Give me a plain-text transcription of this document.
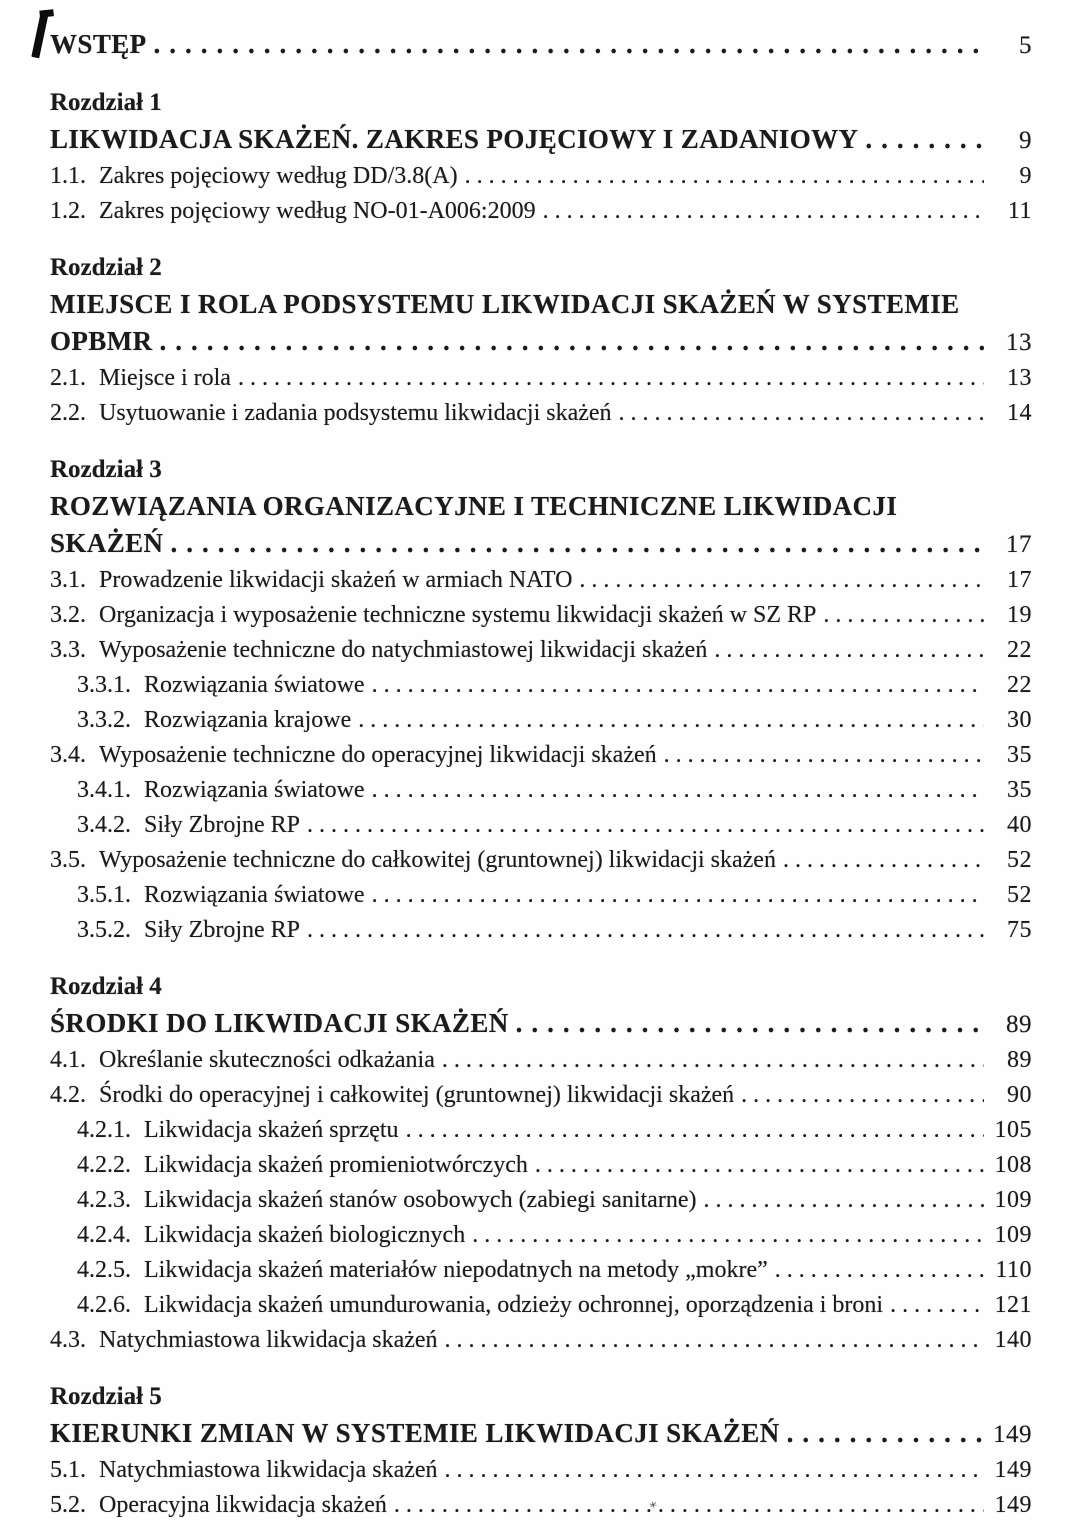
WSTĘP .....	5
Rozdział 1
LIKWIDACJA SKAŻEŃ. ZAKRES POJĘCIOWY I ZADANIOWY .....	9
1.1. Zakres pojęciowy według DD/3.8(A) .....	9
1.2. Zakres pojęciowy według NO-01-A006:2009 .....	11
Rozdział 2
MIEJSCE I ROLA PODSYSTEMU LIKWIDACJI SKAŻEŃ W SYSTEMIE
OPBMR .....	13
2.1. Miejsce i rola .....	13
2.2. Usytuowanie i zadania podsystemu likwidacji skażeń .....	14
Rozdział 3
ROZWIĄZANIA ORGANIZACYJNE I TECHNICZNE LIKWIDACJI
SKAŻEŃ .....	17
3.1. Prowadzenie likwidacji skażeń w armiach NATO .....	17
3.2. Organizacja i wyposażenie techniczne systemu likwidacji skażeń w SZ RP .....	19
3.3. Wyposażenie techniczne do natychmiastowej likwidacji skażeń .....	22
3.3.1. Rozwiązania światowe .....	22
3.3.2. Rozwiązania krajowe .....	30
3.4. Wyposażenie techniczne do operacyjnej likwidacji skażeń .....	35
3.4.1. Rozwiązania światowe .....	35
3.4.2. Siły Zbrojne RP .....	40
3.5. Wyposażenie techniczne do całkowitej (gruntownej) likwidacji skażeń .....	52
3.5.1. Rozwiązania światowe .....	52
3.5.2. Siły Zbrojne RP .....	75
Rozdział 4
ŚRODKI DO LIKWIDACJI SKAŻEŃ .....	89
4.1. Określanie skuteczności odkażania .....	89
4.2. Środki do operacyjnej i całkowitej (gruntownej) likwidacji skażeń .....	90
4.2.1. Likwidacja skażeń sprzętu .....	105
4.2.2. Likwidacja skażeń promieniotwórczych .....	108
4.2.3. Likwidacja skażeń stanów osobowych (zabiegi sanitarne) .....	109
4.2.4. Likwidacja skażeń biologicznych .....	109
4.2.5. Likwidacja skażeń materiałów niepodatnych na metody „mokre” .....	110
4.2.6. Likwidacja skażeń umundurowania, odzieży ochronnej, oporządzenia i broni .....	121
4.3. Natychmiastowa likwidacja skażeń .....	140
Rozdział 5
KIERUNKI ZMIAN W SYSTEMIE LIKWIDACJI SKAŻEŃ .....	149
5.1. Natychmiastowa likwidacja skażeń .....	149
5.2. Operacyjna likwidacja skażeń .....	149
*
